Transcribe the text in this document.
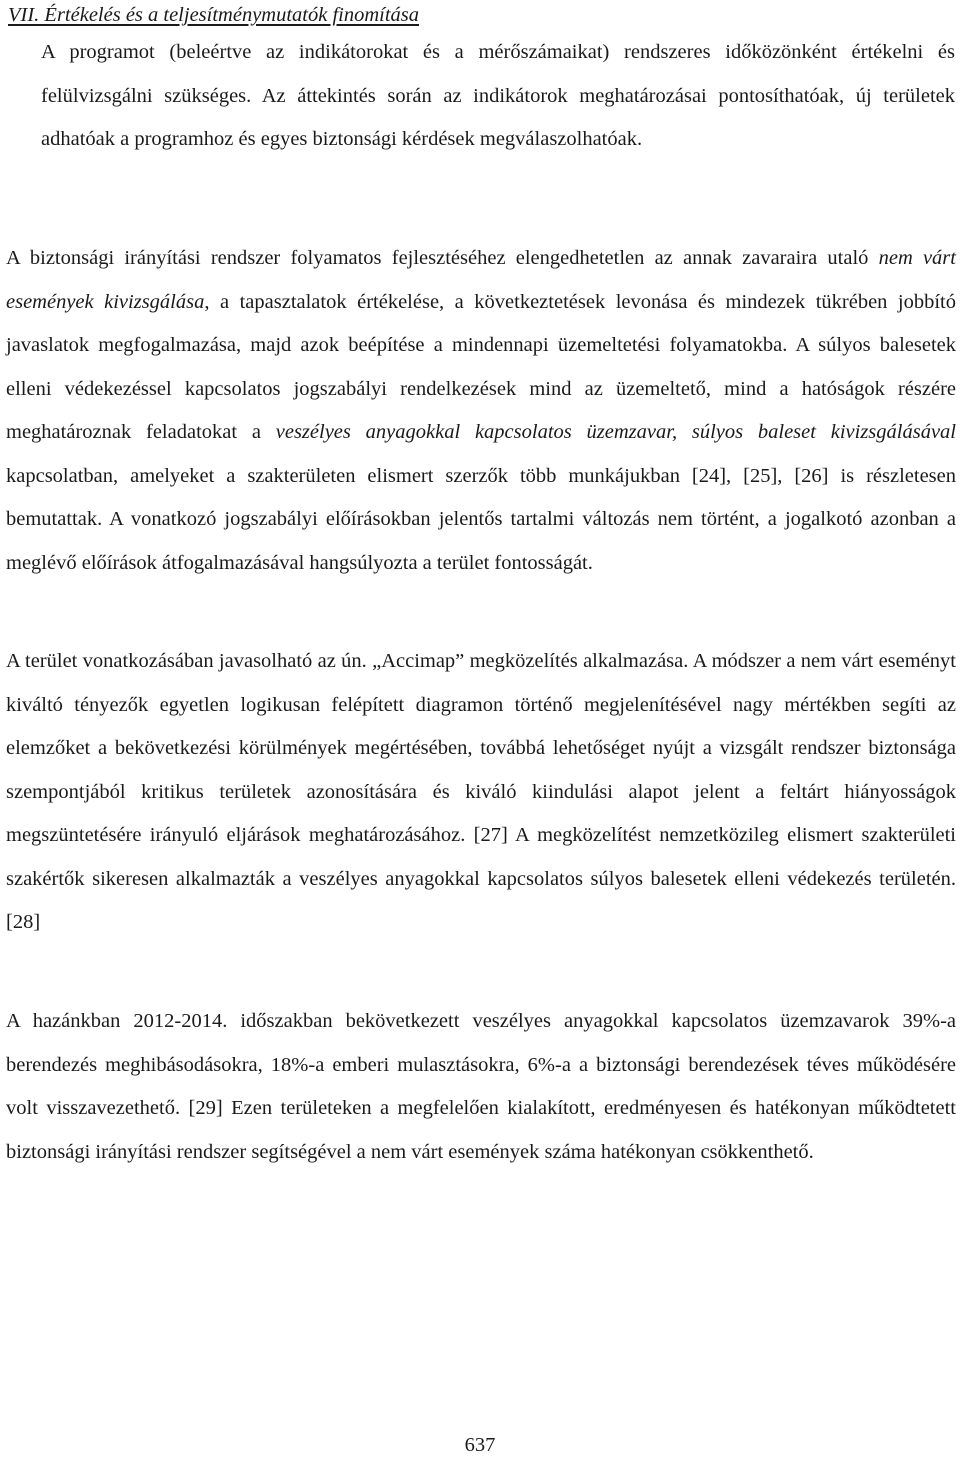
VII. Értékelés és a teljesítménymutatók finomítása

A programot (beleértve az indikátorokat és a mérőszámaikat) rendszeres időközönként értékelni és felülvizsgálni szükséges. Az áttekintés során az indikátorok meghatározásai pontosíthatóak, új területek adhatóak a programhoz és egyes biztonsági kérdések megválaszolhatóak.

A biztonsági irányítási rendszer folyamatos fejlesztéséhez elengedhetetlen az annak zavaraira utaló nem várt események kivizsgálása, a tapasztalatok értékelése, a következtetések levonása és mindezek tükrében jobbító javaslatok megfogalmazása, majd azok beépítése a mindennapi üzemeltetési folyamatokba. A súlyos balesetek elleni védekezéssel kapcsolatos jogszabályi rendelkezések mind az üzemeltető, mind a hatóságok részére meghatároznak feladatokat a veszélyes anyagokkal kapcsolatos üzemzavar, súlyos baleset kivizsgálásával kapcsolatban, amelyeket a szakterületen elismert szerzők több munkájukban [24], [25], [26] is részletesen bemutattak. A vonatkozó jogszabályi előírásokban jelentős tartalmi változás nem történt, a jogalkotó azonban a meglévő előírások átfogalmazásával hangsúlyozta a terület fontosságát.

A terület vonatkozásában javasolható az ún. „Accimap” megközelítés alkalmazása. A módszer a nem várt eseményt kiváltó tényezők egyetlen logikusan felépített diagramon történő megjelenítésével nagy mértékben segíti az elemzőket a bekövetkezési körülmények megértésében, továbbá lehetőséget nyújt a vizsgált rendszer biztonsága szempontjából kritikus területek azonosítására és kiváló kiindulási alapot jelent a feltárt hiányosságok megszüntetésére irányuló eljárások meghatározásához. [27] A megközelítést nemzetközileg elismert szakterületi szakértők sikeresen alkalmazták a veszélyes anyagokkal kapcsolatos súlyos balesetek elleni védekezés területén. [28]

A hazánkban 2012-2014. időszakban bekövetkezett veszélyes anyagokkal kapcsolatos üzemzavarok 39%-a berendezés meghibásodásokra, 18%-a emberi mulasztásokra, 6%-a a biztonsági berendezések téves működésére volt visszavezethető. [29] Ezen területeken a megfelelően kialakított, eredményesen és hatékonyan működtetett biztonsági irányítási rendszer segítségével a nem várt események száma hatékonyan csökkenthető.

637
